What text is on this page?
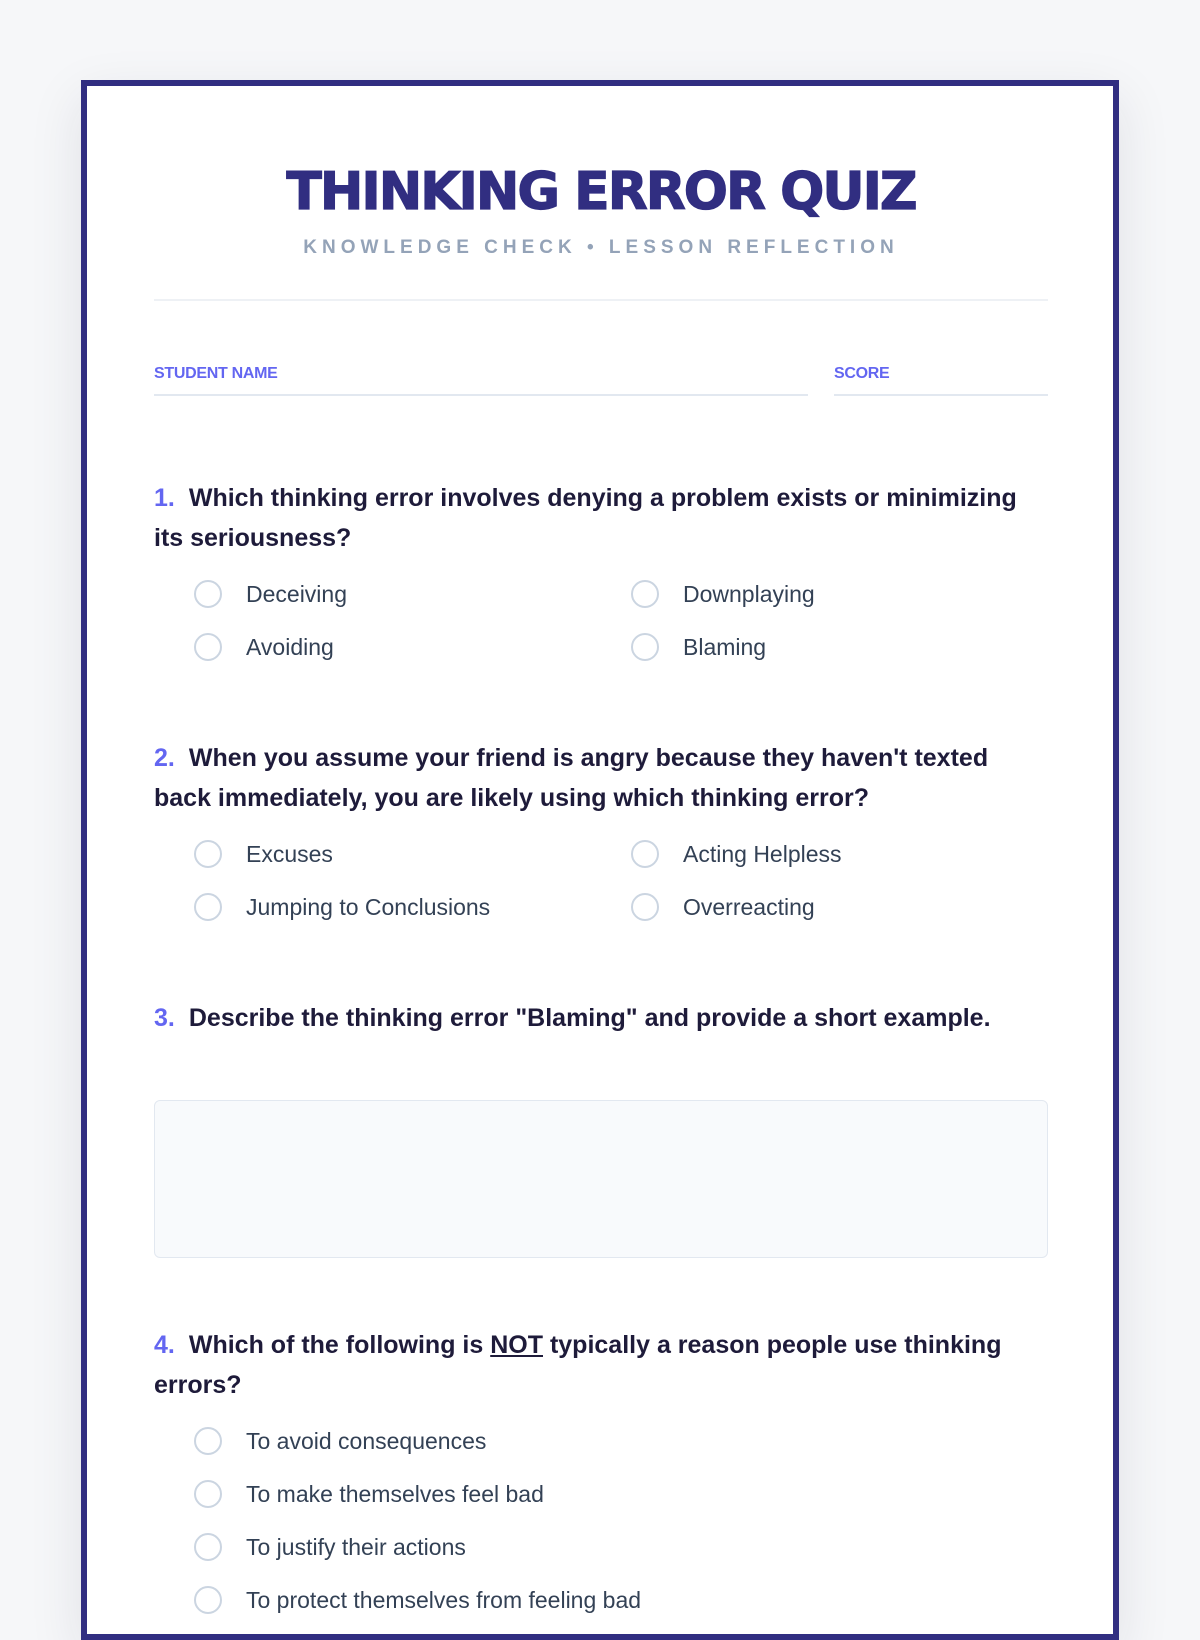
THINKING ERROR QUIZ
KNOWLEDGE CHECK • LESSON REFLECTION
STUDENT NAME	SCORE
1. Which thinking error involves denying a problem exists or minimizing its seriousness?
Deceiving	Downplaying
Avoiding	Blaming
2. When you assume your friend is angry because they haven't texted back immediately, you are likely using which thinking error?
Excuses	Acting Helpless
Jumping to Conclusions	Overreacting
3. Describe the thinking error "Blaming" and provide a short example.
4. Which of the following is NOT typically a reason people use thinking errors?
To avoid consequences
To make themselves feel bad
To justify their actions
To protect themselves from feeling bad
